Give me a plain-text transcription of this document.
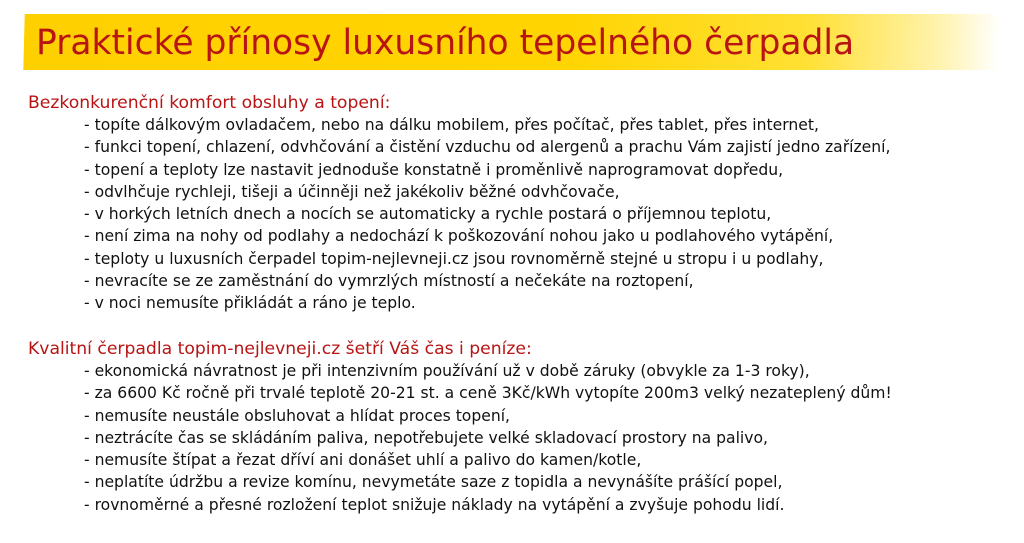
Praktické přínosy luxusního tepelného čerpadla
Bezkonkurenční komfort obsluhy a topení:
- topíte dálkovým ovladačem, nebo na dálku mobilem, přes počítač, přes tablet, přes internet,
- funkci topení, chlazení, odvhčování a čistění vzduchu od alergenů a prachu Vám zajistí jedno zařízení,
- topení a teploty lze nastavit jednoduše konstatně i proměnlivě naprogramovat dopředu,
- odvlhčuje rychleji, tišeji a účinněji než jakékoliv běžné odvhčovače,
- v horkých letních dnech a nocích se automaticky a rychle postará o příjemnou teplotu,
- není zima na nohy od podlahy a nedochází k poškozování nohou jako u podlahového vytápění,
- teploty u luxusních čerpadel topim-nejlevneji.cz jsou rovnoměrně stejné u stropu i u podlahy,
- nevracíte se ze zaměstnání do vymrzlých místností a nečekáte na roztopení,
- v noci nemusíte přikládát a ráno je teplo.
Kvalitní čerpadla topim-nejlevneji.cz šetří Váš čas i peníze:
- ekonomická návratnost je při intenzivním používání už v době záruky (obvykle za 1-3 roky),
- za 6600 Kč ročně při trvalé teplotě 20-21 st. a ceně 3Kč/kWh vytopíte 200m3 velký nezateplený dům!
- nemusíte neustále obsluhovat a hlídat proces topení,
- neztrácíte čas se skládáním paliva, nepotřebujete velké skladovací prostory na palivo,
- nemusíte štípat a řezat dříví ani donášet uhlí a palivo do kamen/kotle,
- neplatíte údržbu a revize komínu, nevymetáte saze z topidla a nevynášíte prášící popel,
- rovnoměrné a přesné rozložení teplot snižuje náklady na vytápění a zvyšuje pohodu lidí.
